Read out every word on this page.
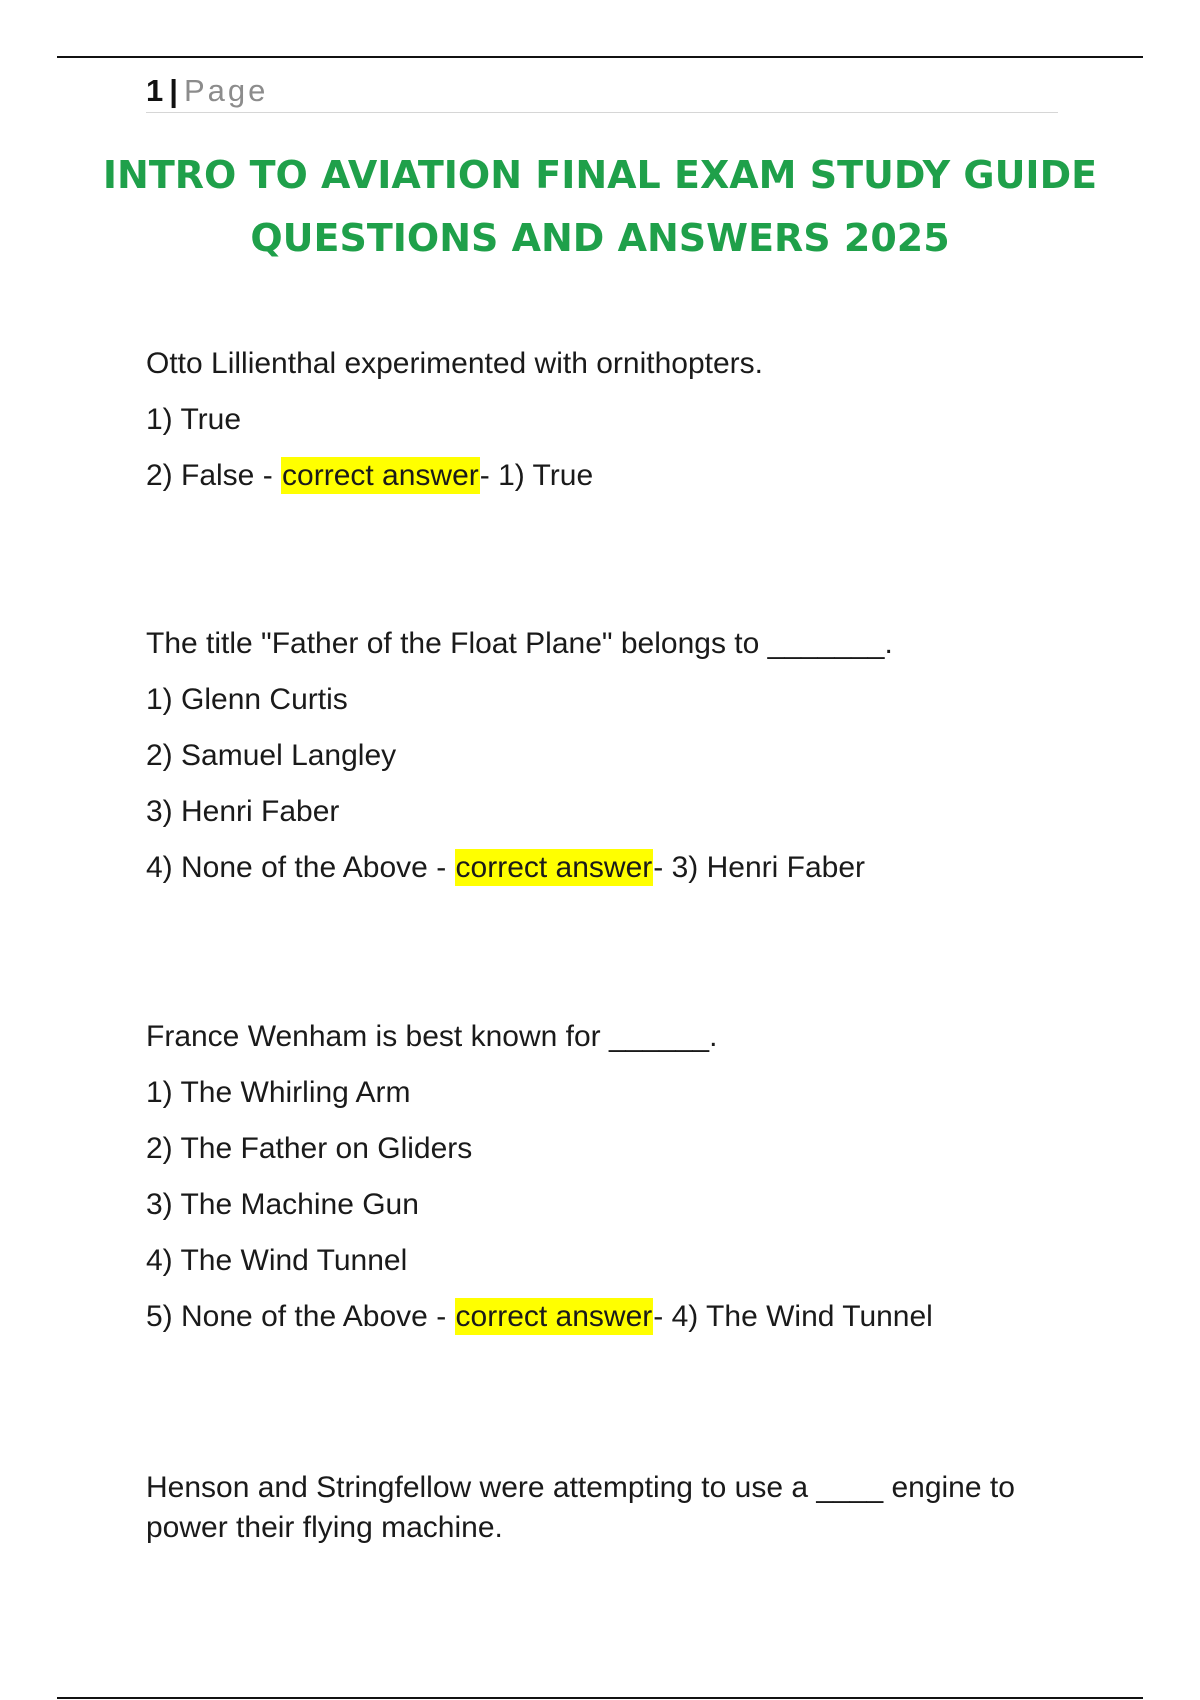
1 | Page
INTRO TO AVIATION FINAL EXAM STUDY GUIDE QUESTIONS AND ANSWERS 2025
Otto Lillienthal experimented with ornithopters.
1) True
2) False - correct answer- 1) True
The title "Father of the Float Plane" belongs to _______.
1) Glenn Curtis
2) Samuel Langley
3) Henri Faber
4) None of the Above - correct answer- 3) Henri Faber
France Wenham is best known for ______.
1) The Whirling Arm
2) The Father on Gliders
3) The Machine Gun
4) The Wind Tunnel
5) None of the Above - correct answer- 4) The Wind Tunnel
Henson and Stringfellow were attempting to use a ____ engine to power their flying machine.
